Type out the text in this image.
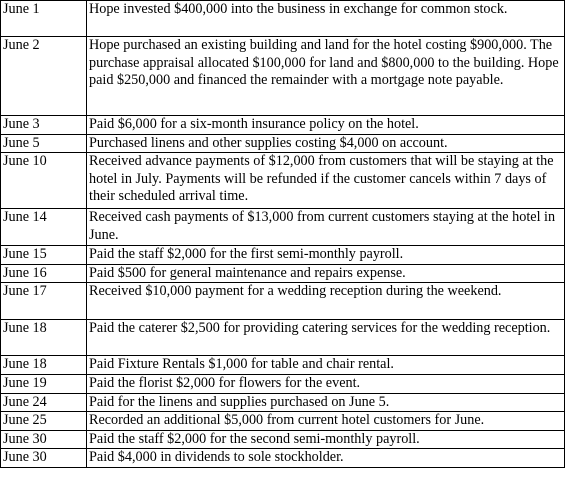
June 1	Hope invested $400,000 into the business in exchange for common stock.
June 2	Hope purchased an existing building and land for the hotel costing $900,000. The purchase appraisal allocated $100,000 for land and $800,000 to the building. Hope paid $250,000 and financed the remainder with a mortgage note payable.
June 3	Paid $6,000 for a six-month insurance policy on the hotel.
June 5	Purchased linens and other supplies costing $4,000 on account.
June 10	Received advance payments of $12,000 from customers that will be staying at the hotel in July. Payments will be refunded if the customer cancels within 7 days of their scheduled arrival time.
June 14	Received cash payments of $13,000 from current customers staying at the hotel in June.
June 15	Paid the staff $2,000 for the first semi-monthly payroll.
June 16	Paid $500 for general maintenance and repairs expense.
June 17	Received $10,000 payment for a wedding reception during the weekend.
June 18	Paid the caterer $2,500 for providing catering services for the wedding reception.
June 18	Paid Fixture Rentals $1,000 for table and chair rental.
June 19	Paid the florist $2,000 for flowers for the event.
June 24	Paid for the linens and supplies purchased on June 5.
June 25	Recorded an additional $5,000 from current hotel customers for June.
June 30	Paid the staff $2,000 for the second semi-monthly payroll.
June 30	Paid $4,000 in dividends to sole stockholder.
